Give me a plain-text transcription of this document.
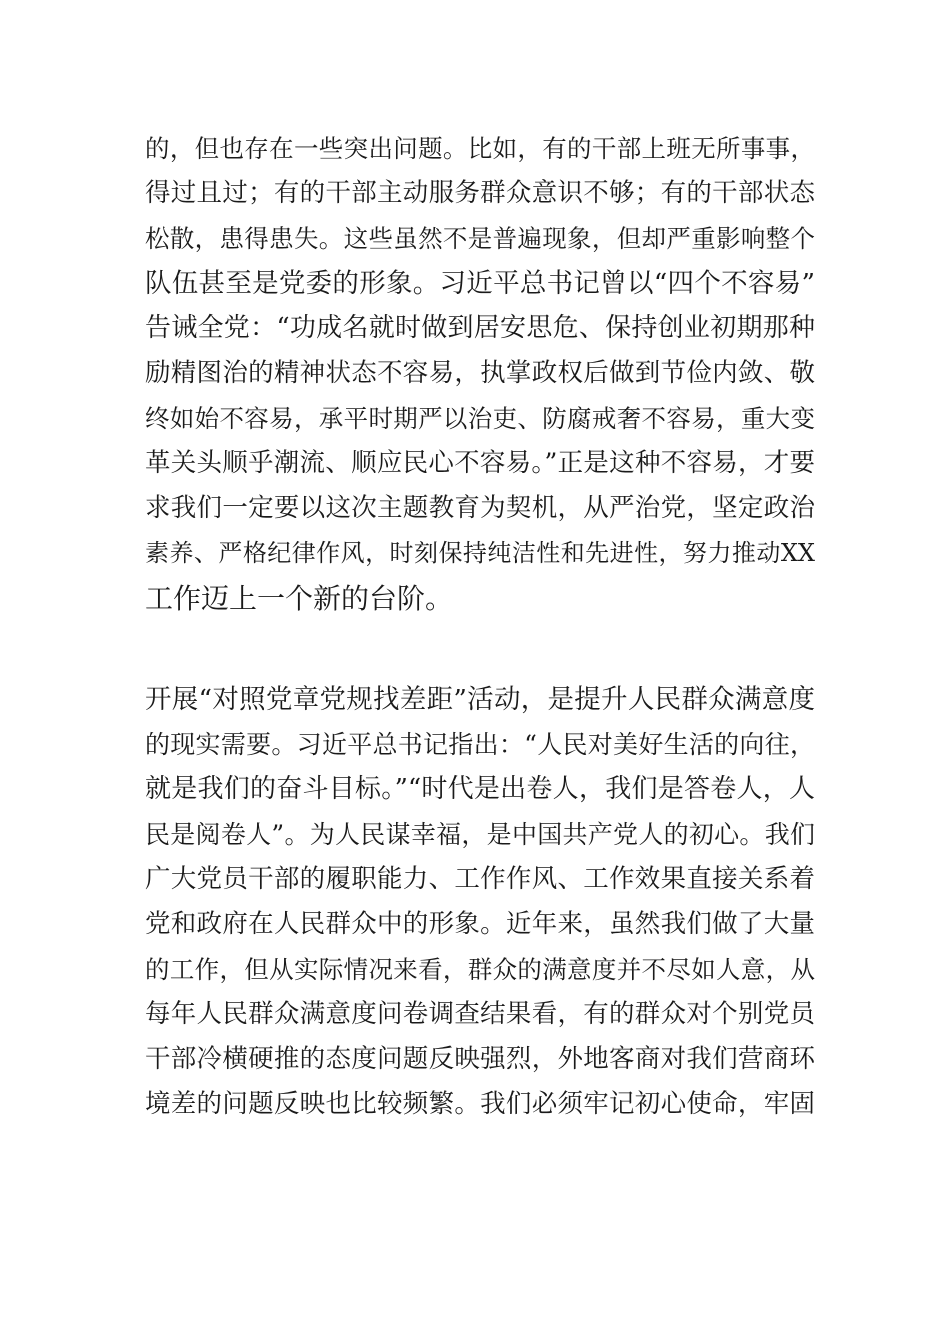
的，但也存在一些突出问题。比如，有的干部上班无所事事，
得过且过；有的干部主动服务群众意识不够；有的干部状态
松散，患得患失。这些虽然不是普遍现象，但却严重影响整个
队伍甚至是党委的形象。习近平总书记曾以“四个不容易”
告诫全党：“功成名就时做到居安思危、保持创业初期那种
励精图治的精神状态不容易，执掌政权后做到节俭内敛、敬
终如始不容易，承平时期严以治吏、防腐戒奢不容易，重大变
革关头顺乎潮流、顺应民心不容易。”正是这种不容易，才要
求我们一定要以这次主题教育为契机，从严治党，坚定政治
素养、严格纪律作风，时刻保持纯洁性和先进性，努力推动XX
工作迈上一个新的台阶。
开展“对照党章党规找差距”活动，是提升人民群众满意度
的现实需要。习近平总书记指出：“人民对美好生活的向往，
就是我们的奋斗目标。”“时代是出卷人，我们是答卷人，人
民是阅卷人”。为人民谋幸福，是中国共产党人的初心。我们
广大党员干部的履职能力、工作作风、工作效果直接关系着
党和政府在人民群众中的形象。近年来，虽然我们做了大量
的工作，但从实际情况来看，群众的满意度并不尽如人意，从
每年人民群众满意度问卷调查结果看，有的群众对个别党员
干部冷横硬推的态度问题反映强烈，外地客商对我们营商环
境差的问题反映也比较频繁。我们必须牢记初心使命，牢固
